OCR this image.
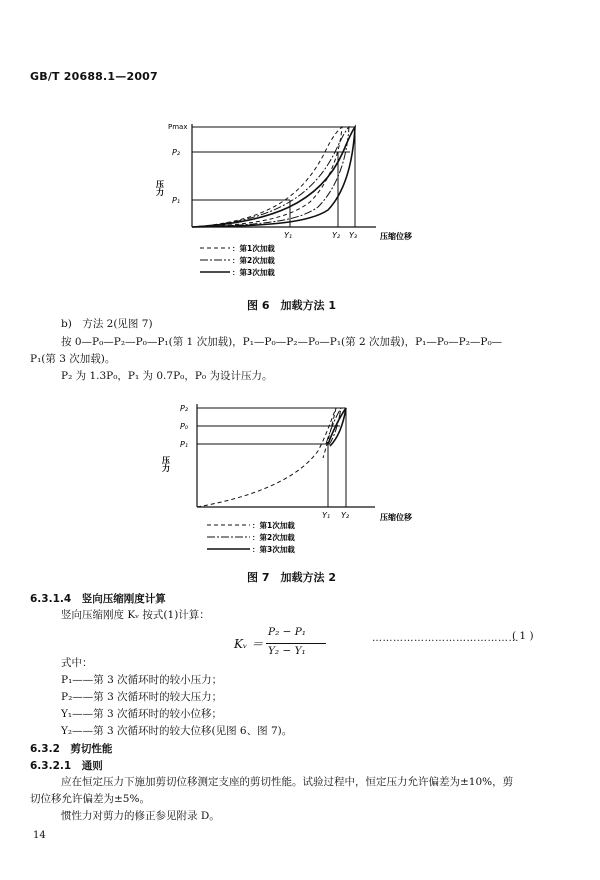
GB/T 20688.1—2007
Pmax
P₂
P₁
压力
Y₁	Y₂ Y₃	压缩位移
：第1次加载
：第2次加载
：第3次加载
图 6　加载方法 1
b)　方法 2(见图 7)
按 0—P₀—P₂—P₀—P₁(第 1 次加载)，P₁—P₀—P₂—P₀—P₁(第 2 次加载)，P₁—P₀—P₂—P₀—
P₁(第 3 次加载)。
P₂ 为 1.3P₀，P₁ 为 0.7P₀，P₀ 为设计压力。
P₂
P₀
P₁
压力
Y₁ Y₂	压缩位移
：第1次加载
：第2次加载
：第3次加载
图 7　加载方法 2
6.3.1.4　竖向压缩刚度计算
竖向压缩刚度 Kᵥ 按式(1)计算：
Kᵥ ＝
P₂ − P₁
Y₂ − Y₁
……………………………………
( 1 )
式中：
P₁——第 3 次循环时的较小压力；
P₂——第 3 次循环时的较大压力；
Y₁——第 3 次循环时的较小位移；
Y₂——第 3 次循环时的较大位移(见图 6、图 7)。
6.3.2　剪切性能
6.3.2.1　通则
应在恒定压力下施加剪切位移测定支座的剪切性能。试验过程中，恒定压力允许偏差为±10%，剪
切位移允许偏差为±5%。
惯性力对剪力的修正参见附录 D。
14
